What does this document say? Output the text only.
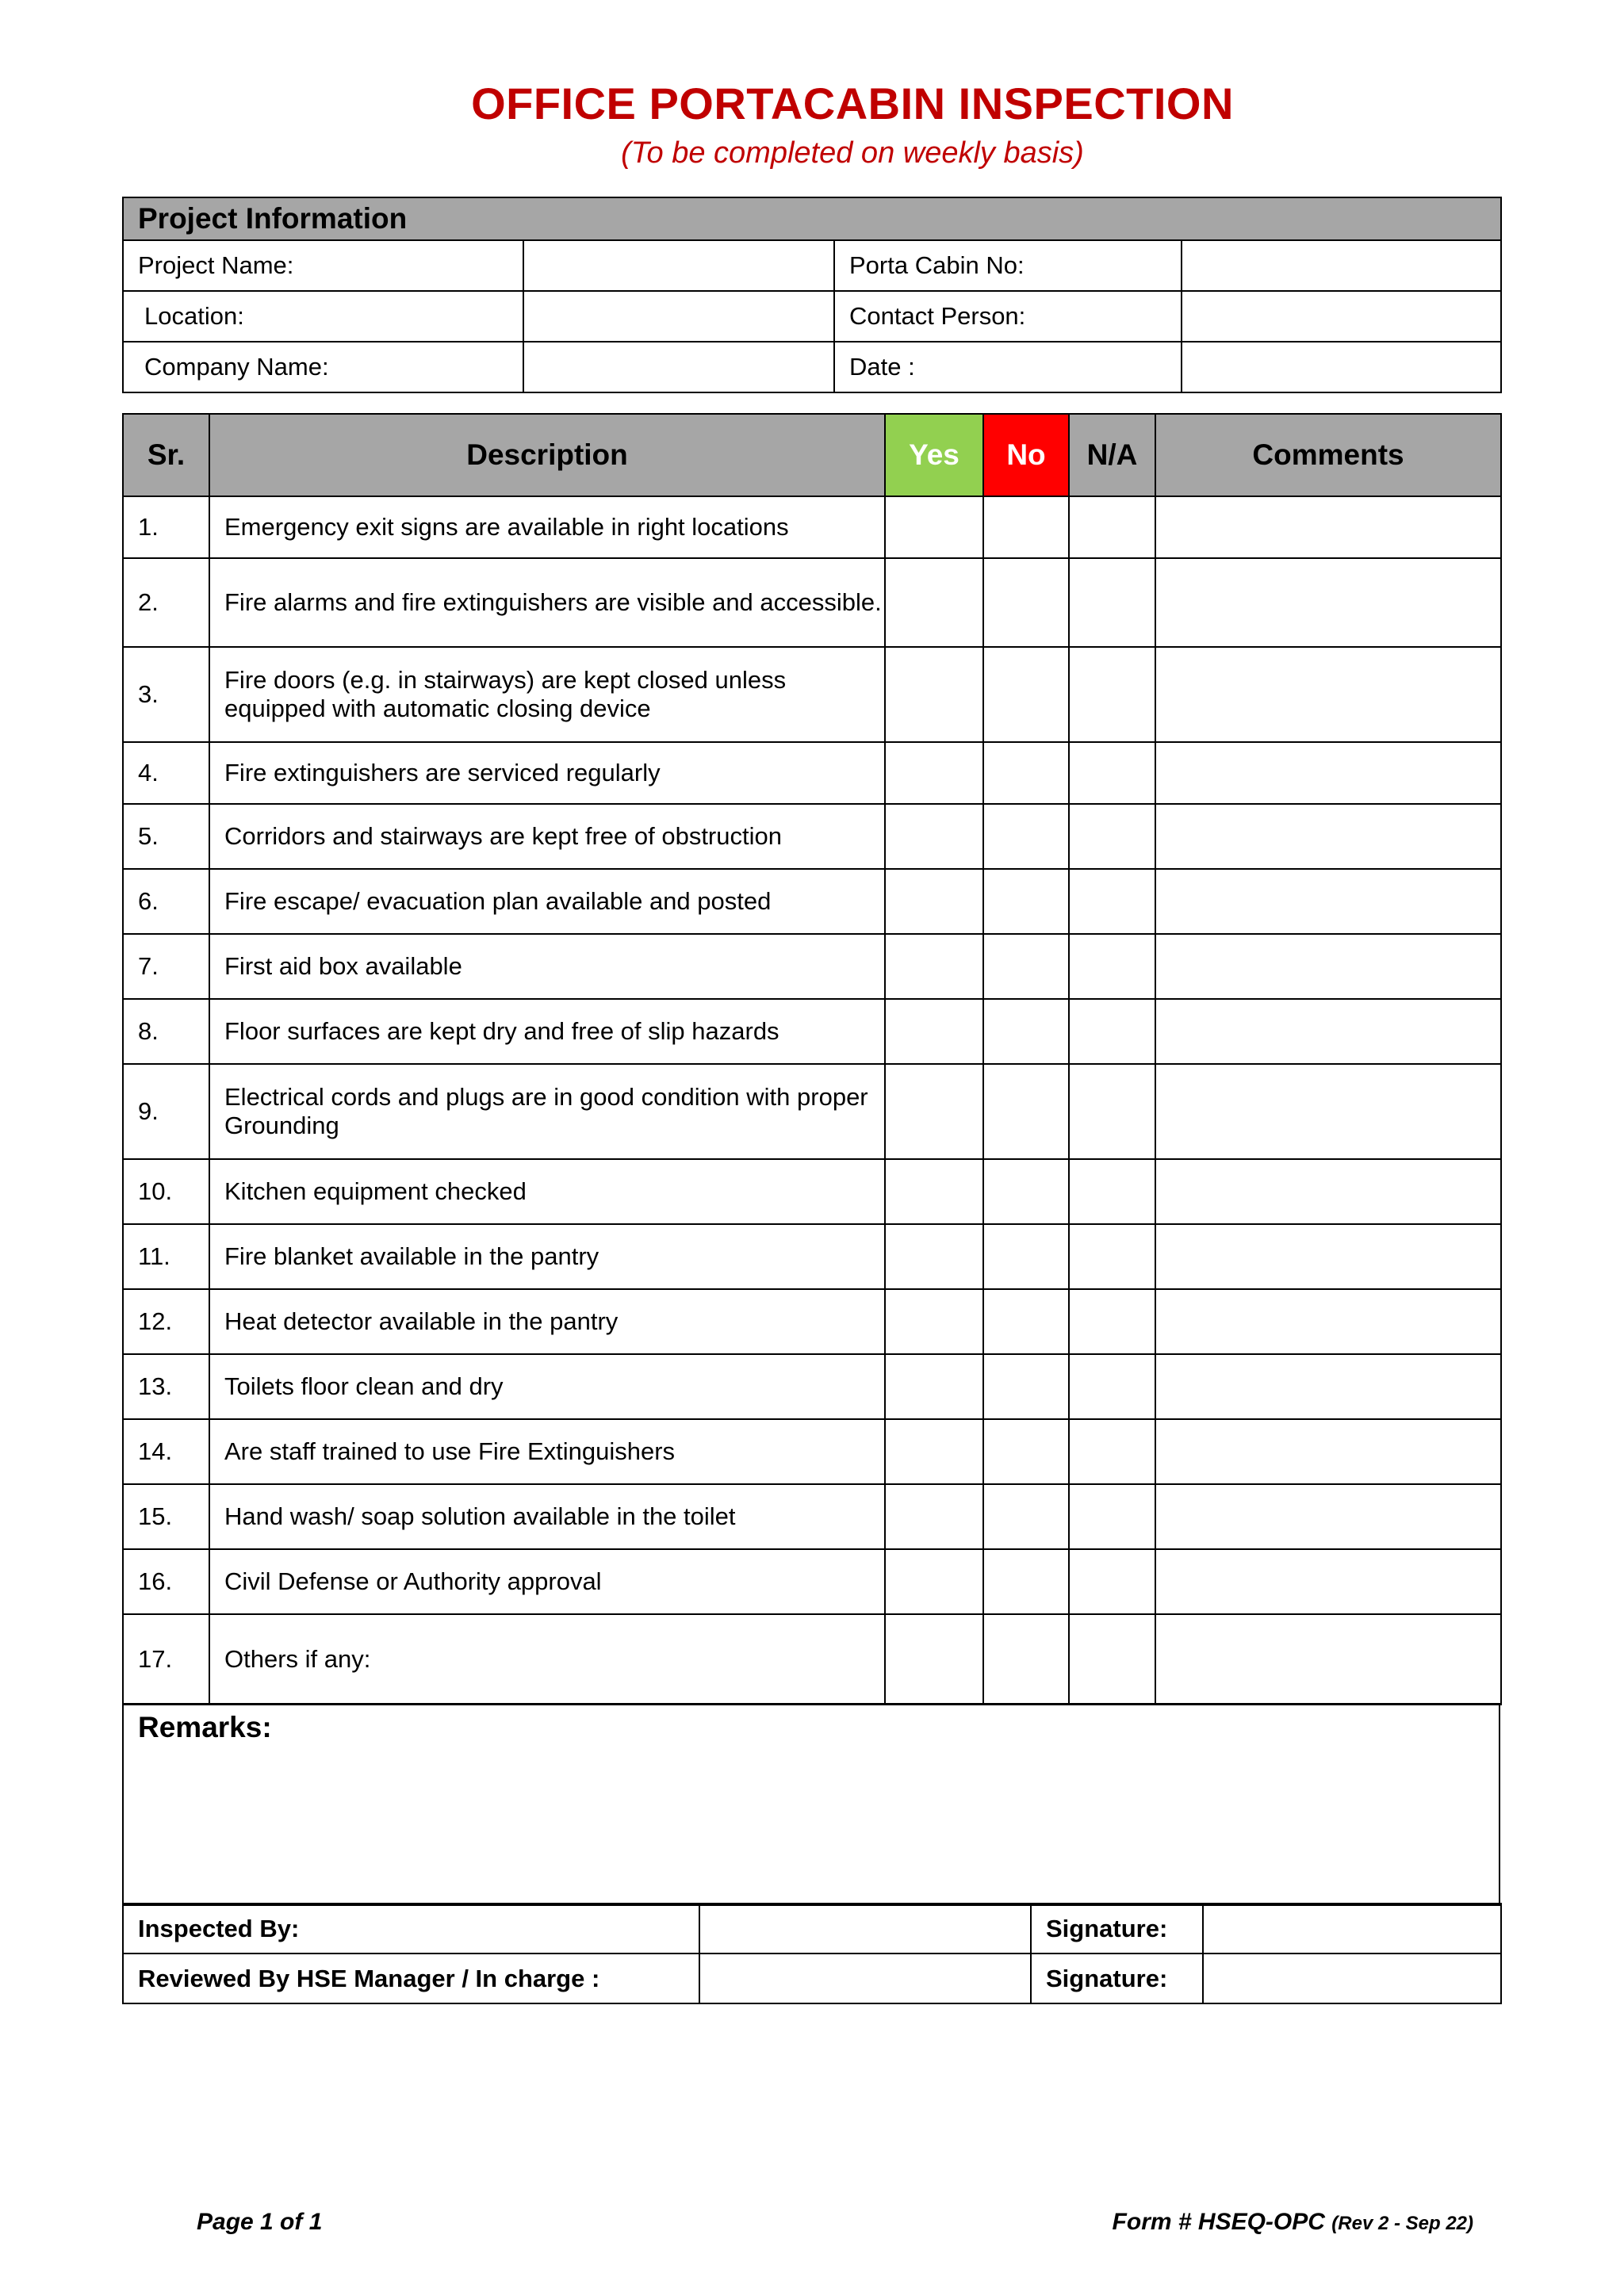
OFFICE PORTACABIN INSPECTION
(To be completed on weekly basis)
Project Information			
Project Name:		Porta Cabin No:	
Location:		Contact Person:	
Company Name:		Date :	
Sr.	Description	Yes	No	N/A	Comments
1.	Emergency exit signs are available in right locations				
2.	Fire alarms and fire extinguishers are visible and accessible.				
3.	Fire doors (e.g. in stairways) are kept closed unless equipped with automatic closing device				
4.	Fire extinguishers are serviced regularly				
5.	Corridors and stairways are kept free of obstruction				
6.	Fire escape/ evacuation plan available and posted				
7.	First aid box available				
8.	Floor surfaces are kept dry and free of slip hazards				
9.	Electrical cords and plugs are in good condition with proper Grounding				
10.	Kitchen equipment checked				
11.	Fire blanket available in the pantry				
12.	Heat detector available in the pantry				
13.	Toilets floor clean and dry				
14.	Are staff trained to use Fire Extinguishers				
15.	Hand wash/ soap solution available in the toilet				
16.	Civil Defense or Authority approval				
17.	Others if any:				
Remarks:
Inspected By:		Signature:	
Reviewed By HSE Manager / In charge :		Signature:	
Page 1 of 1	Form # HSEQ-OPC (Rev 2 - Sep 22)
